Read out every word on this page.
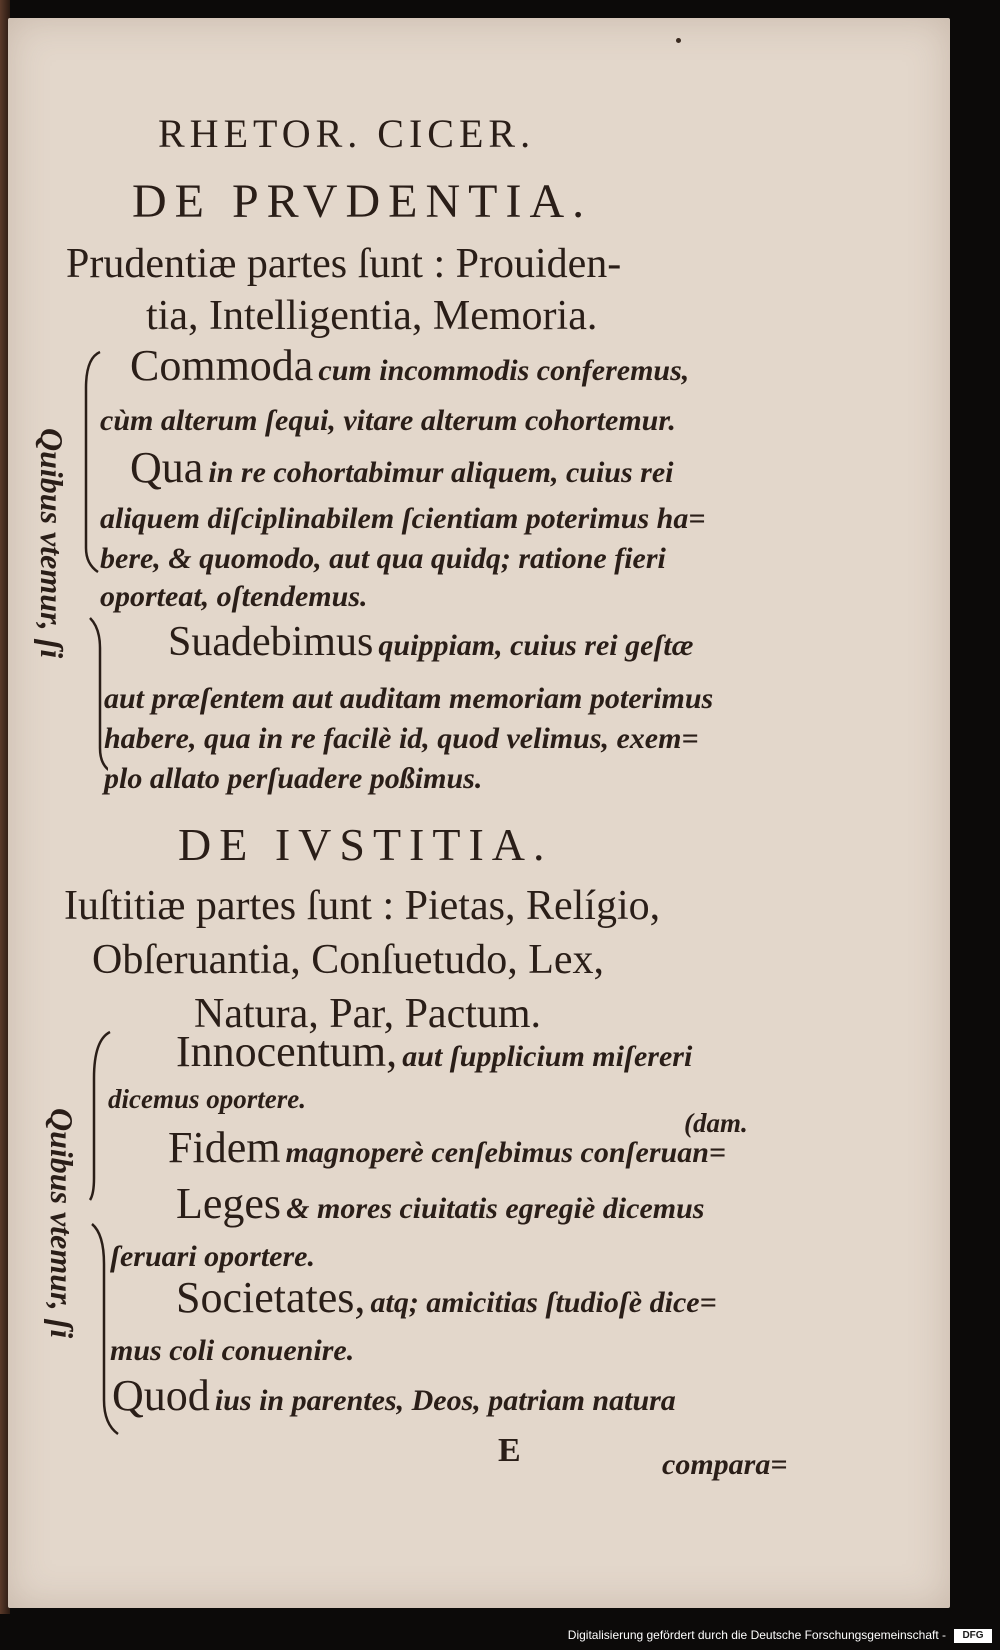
RHETOR. CICER.
DE PRVDENTIA.
Prudentiæ partes ſunt : Prouiden-
tia, Intelligentia, Memoria.
Quibus vtemur, ſi
Commoda cum incommodis conferemus,
cùm alterum ſequi, vitare alterum cohortemur.
Qua in re cohortabimur aliquem, cuius rei
aliquem diſciplinabilem ſcientiam poterimus ha=
bere, & quomodo, aut qua quidq; ratione fieri
oporteat, oſtendemus.
Suadebimus quippiam, cuius rei geſtæ
aut præſentem aut auditam memoriam poterimus
habere, qua in re facilè id, quod velimus, exem=
plo allato perſuadere poßimus.
DE IVSTITIA.
Iuſtitiæ partes ſunt : Pietas, Relígio,
Obſeruantia, Conſuetudo, Lex,
Natura, Par, Pactum.
Quibus vtemur, ſi
Innocentum, aut ſupplicium miſereri
dicemus oportere.
(dam.
Fidem magnoperè cenſebimus conſeruan=
Leges & mores ciuitatis egregiè dicemus
ſeruari oportere.
Societates, atq; amicitias ſtudioſè dice=
mus coli conuenire.
Quod ius in parentes, Deos, patriam natura
E	compara=
Digitalisierung gefördert durch die Deutsche Forschungsgemeinschaft -	DFG
